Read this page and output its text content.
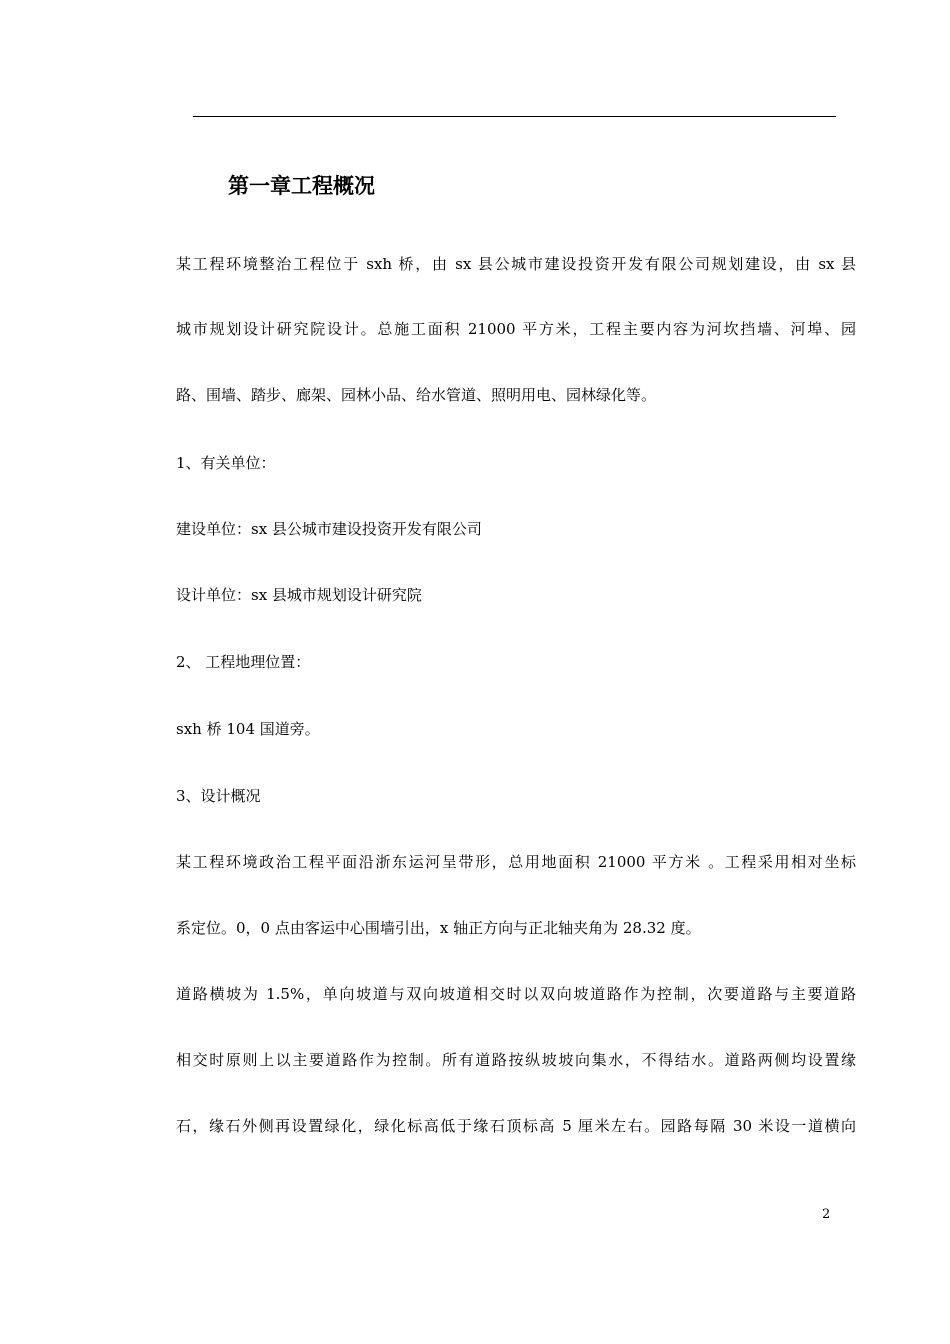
第一章工程概况
某工程环境整治工程位于 sxh 桥，由 sx 县公城市建设投资开发有限公司规划建设，由 sx 县
城市规划设计研究院设计。总施工面积 21000 平方米，工程主要内容为河坎挡墙、河埠、园
路、围墙、踏步、廊架、园林小品、给水管道、照明用电、园林绿化等。
1、有关单位：
建设单位：sx 县公城市建设投资开发有限公司
设计单位：sx 县城市规划设计研究院
2、 工程地理位置：
sxh 桥 104 国道旁。
3、设计概况
某工程环境政治工程平面沿浙东运河呈带形，总用地面积 21000 平方米 。工程采用相对坐标
系定位。0，0 点由客运中心围墙引出，x 轴正方向与正北轴夹角为 28.32 度。
道路横坡为 1.5%，单向坡道与双向坡道相交时以双向坡道路作为控制，次要道路与主要道路
相交时原则上以主要道路作为控制。所有道路按纵坡坡向集水，不得结水。道路两侧均设置缘
石，缘石外侧再设置绿化，绿化标高低于缘石顶标高 5 厘米左右。园路每隔 30 米设一道横向
2
